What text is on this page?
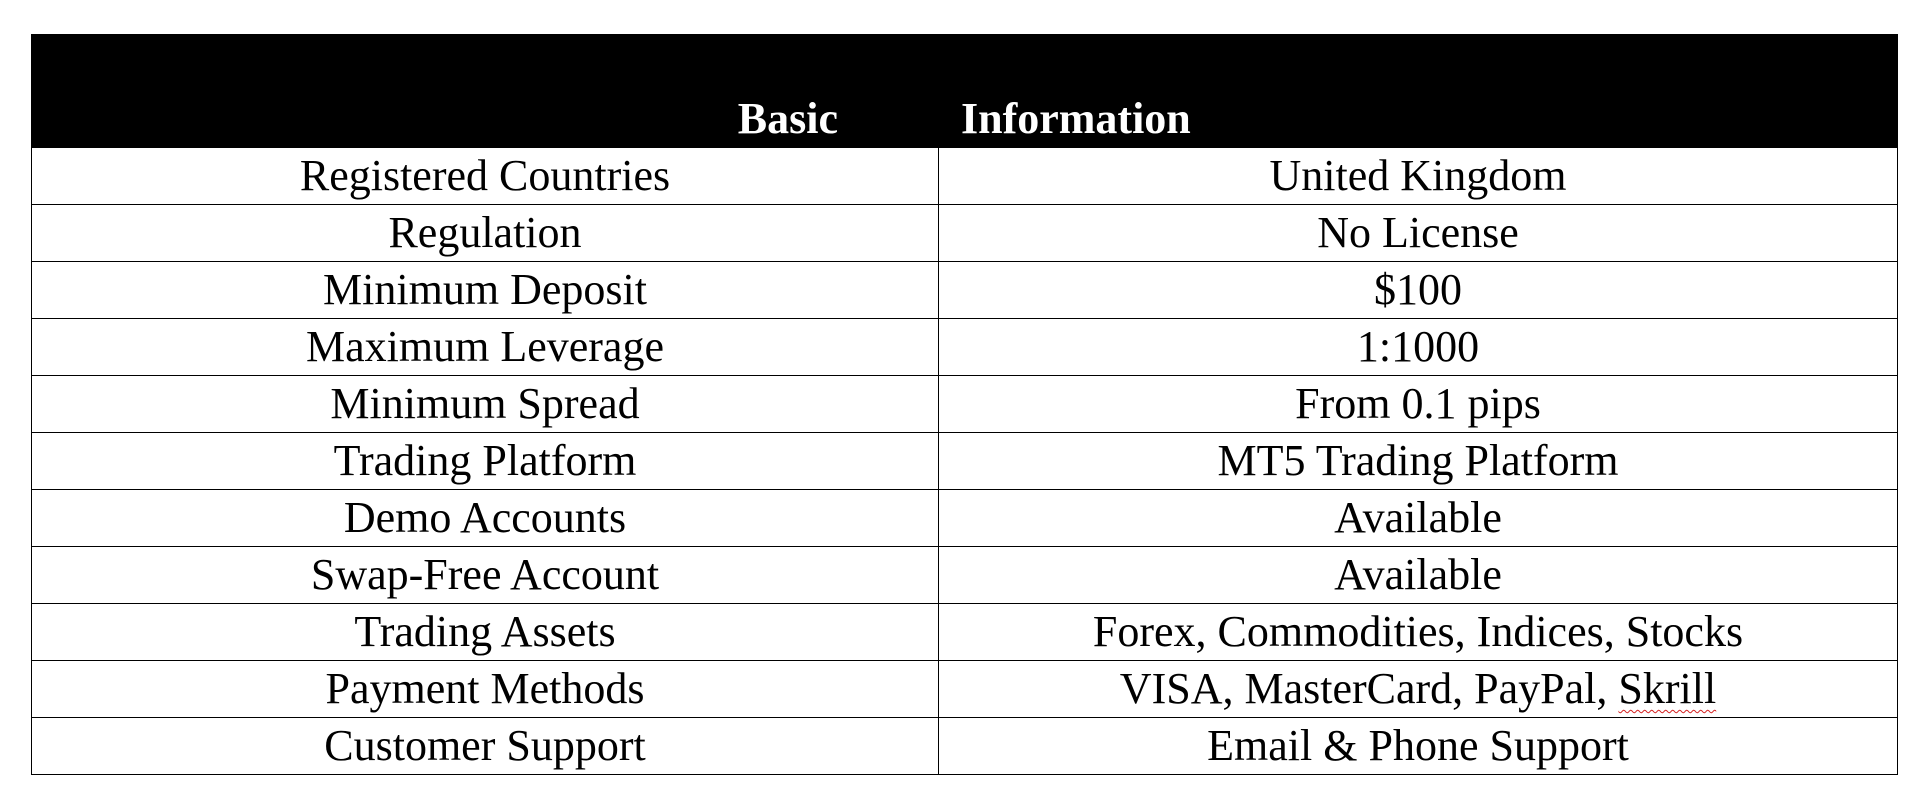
Basic	Information
Registered Countries	United Kingdom
Regulation	No License
Minimum Deposit	$100
Maximum Leverage	1:1000
Minimum Spread	From 0.1 pips
Trading Platform	MT5 Trading Platform
Demo Accounts	Available
Swap-Free Account	Available
Trading Assets	Forex, Commodities, Indices, Stocks
Payment Methods	VISA, MasterCard, PayPal, Skrill
Customer Support	Email & Phone Support
